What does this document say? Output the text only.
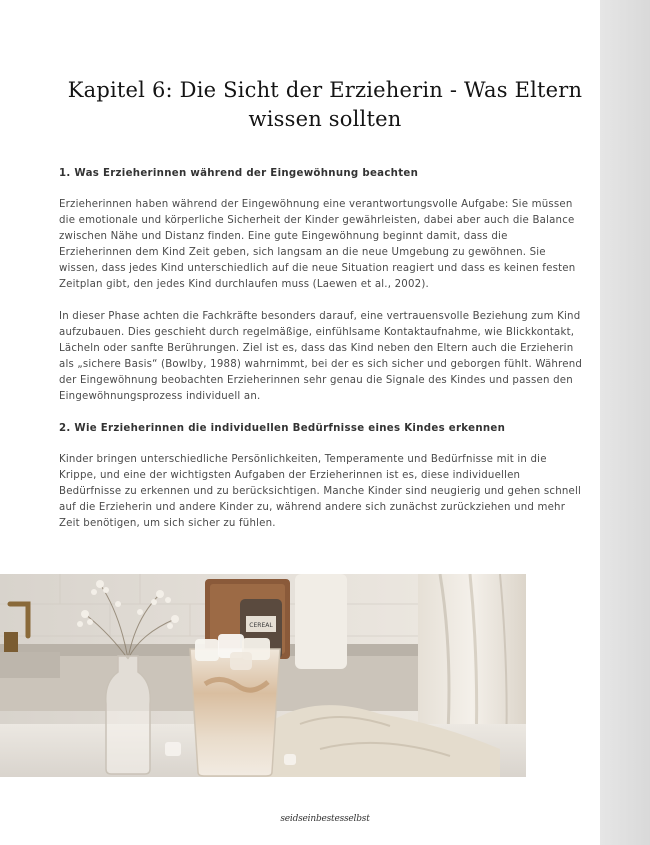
Kapitel 6: Die Sicht der Erzieherin - Was Eltern wissen sollten
1. Was Erzieherinnen während der Eingewöhnung beachten

Erzieherinnen haben während der Eingewöhnung eine verantwortungsvolle Aufgabe: Sie müssen die emotionale und körperliche Sicherheit der Kinder gewährleisten, dabei aber auch die Balance zwischen Nähe und Distanz finden. Eine gute Eingewöhnung beginnt damit, dass die Erzieherinnen dem Kind Zeit geben, sich langsam an die neue Umgebung zu gewöhnen. Sie wissen, dass jedes Kind unterschiedlich auf die neue Situation reagiert und dass es keinen festen Zeitplan gibt, den jedes Kind durchlaufen muss (Laewen et al., 2002).

In dieser Phase achten die Fachkräfte besonders darauf, eine vertrauensvolle Beziehung zum Kind aufzubauen. Dies geschieht durch regelmäßige, einfühlsame Kontaktaufnahme, wie Blickkontakt, Lächeln oder sanfte Berührungen. Ziel ist es, dass das Kind neben den Eltern auch die Erzieherin als „sichere Basis“ (Bowlby, 1988) wahrnimmt, bei der es sich sicher und geborgen fühlt. Während der Eingewöhnung beobachten Erzieherinnen sehr genau die Signale des Kindes und passen den Eingewöhnungsprozess individuell an.

2. Wie Erzieherinnen die individuellen Bedürfnisse eines Kindes erkennen

Kinder bringen unterschiedliche Persönlichkeiten, Temperamente und Bedürfnisse mit in die Krippe, und eine der wichtigsten Aufgaben der Erzieherinnen ist es, diese individuellen Bedürfnisse zu erkennen und zu berücksichtigen. Manche Kinder sind neugierig und gehen schnell auf die Erzieherin und andere Kinder zu, während andere sich zunächst zurückziehen und mehr Zeit benötigen, um sich sicher zu fühlen.

CEREAL
seidseinbestesselbst
